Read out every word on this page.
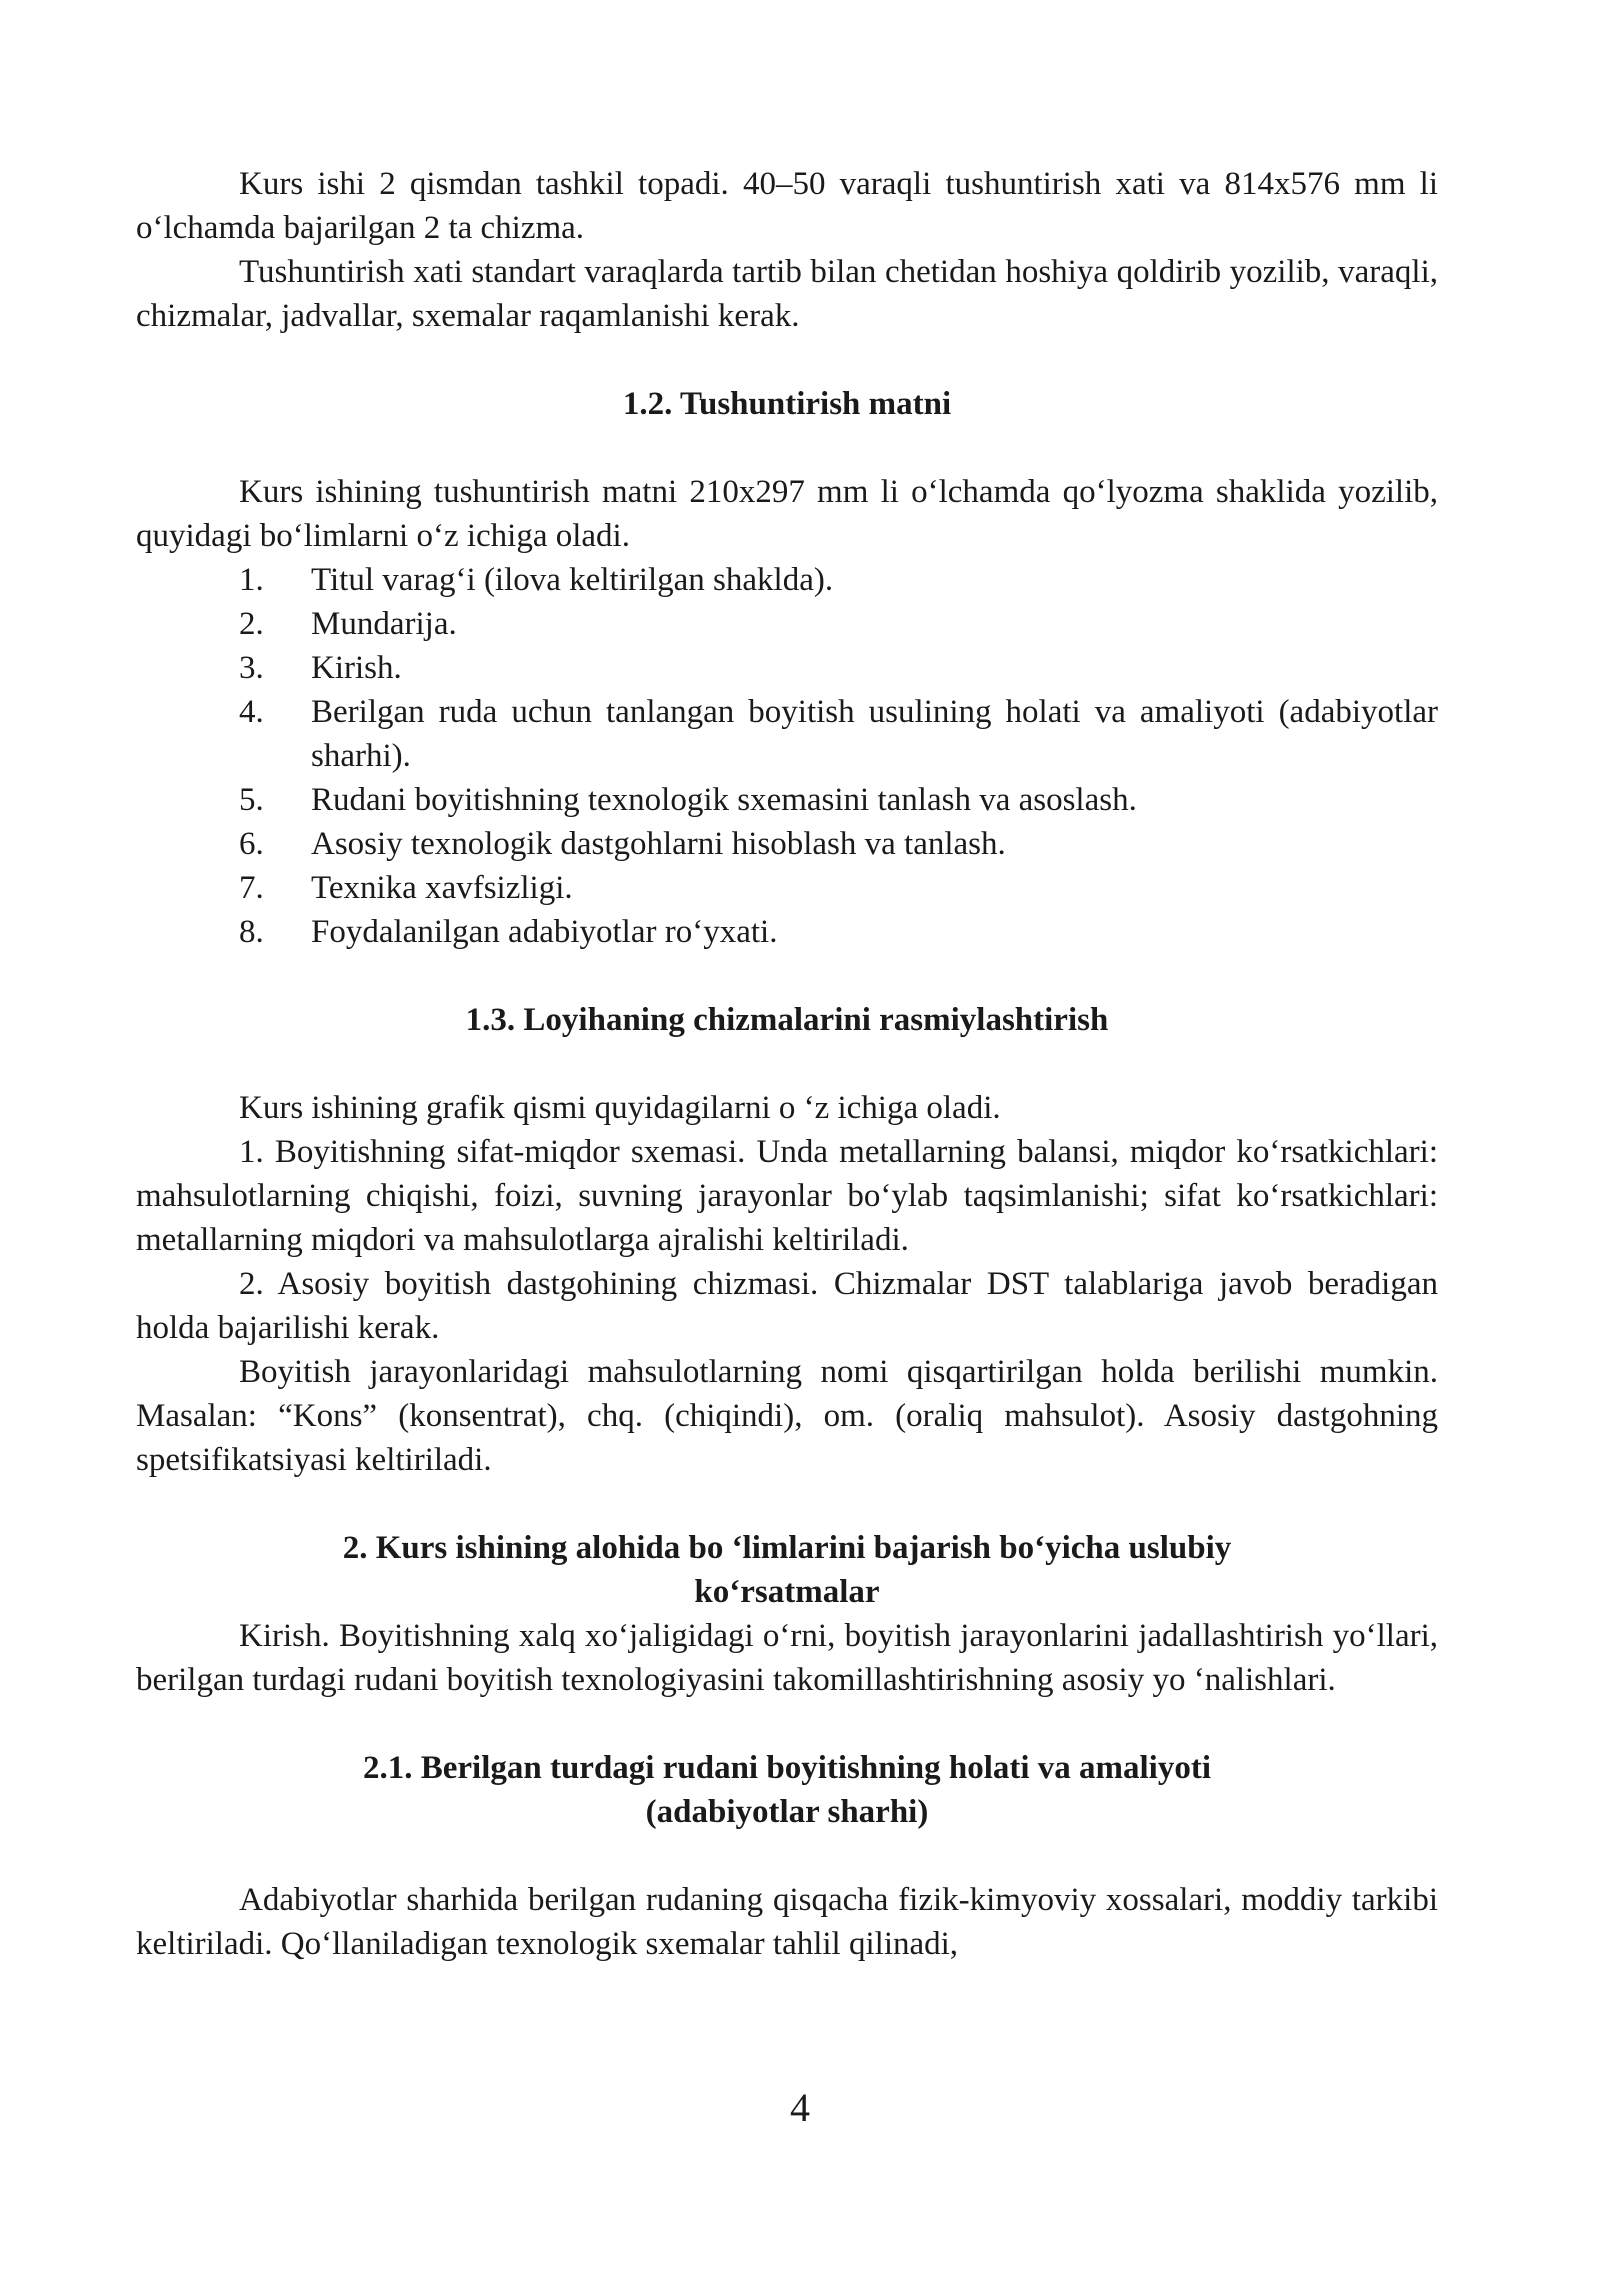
Kurs ishi 2 qismdan tashkil topadi. 40–50 varaqli tushuntirish xati va 814x576 mm li o‘lchamda bajarilgan 2 ta chizma.

Tushuntirish xati standart varaqlarda tartib bilan chetidan hoshiya qoldirib yozilib, varaqli, chizmalar, jadvallar, sxemalar raqamlanishi kerak.

1.2. Tushuntirish matni

Kurs ishining tushuntirish matni 210x297 mm li o‘lchamda qo‘lyozma shaklida yozilib, quyidagi bo‘limlarni o‘z ichiga oladi.

1.	Titul varag‘i (ilova keltirilgan shaklda).
2.	Mundarija.
3.	Kirish.
4.	Berilgan ruda uchun tanlangan boyitish usulining holati va amaliyoti (adabiyotlar sharhi).
5.	Rudani boyitishning texnologik sxemasini tanlash va asoslash.
6.	Asosiy texnologik dastgohlarni hisoblash va tanlash.
7.	Texnika xavfsizligi.
8.	Foydalanilgan adabiyotlar ro‘yxati.
1.3. Loyihaning chizmalarini rasmiylashtirish

Kurs ishining grafik qismi quyidagilarni o ‘z ichiga oladi.

1. Boyitishning sifat-miqdor sxemasi. Unda metallarning balansi, miqdor ko‘rsatkichlari: mahsulotlarning chiqishi, foizi, suvning jarayonlar bo‘ylab taqsimlanishi; sifat ko‘rsatkichlari: metallarning miqdori va mahsulotlarga ajralishi keltiriladi.

2. Asosiy boyitish dastgohining chizmasi. Chizmalar DST talablariga javob beradigan holda bajarilishi kerak.

Boyitish jarayonlaridagi mahsulotlarning nomi qisqartirilgan holda berilishi mumkin. Masalan: “Kons” (konsentrat), chq. (chiqindi), om. (oraliq mahsulot). Asosiy dastgohning spetsifikatsiyasi keltiriladi.

2. Kurs ishining alohida bo ‘limlarini bajarish bo‘yicha uslubiy
ko‘rsatmalar

Kirish. Boyitishning xalq xo‘jaligidagi o‘rni, boyitish jarayonlarini jadallashtirish yo‘llari, berilgan turdagi rudani boyitish texnologiyasini takomillashtirishning asosiy yo ‘nalishlari.

2.1. Berilgan turdagi rudani boyitishning holati va amaliyoti
(adabiyotlar sharhi)

Adabiyotlar sharhida berilgan rudaning qisqacha fizik-kimyoviy xossalari, moddiy tarkibi keltiriladi. Qo‘llaniladigan texnologik sxemalar tahlil qilinadi,

4
